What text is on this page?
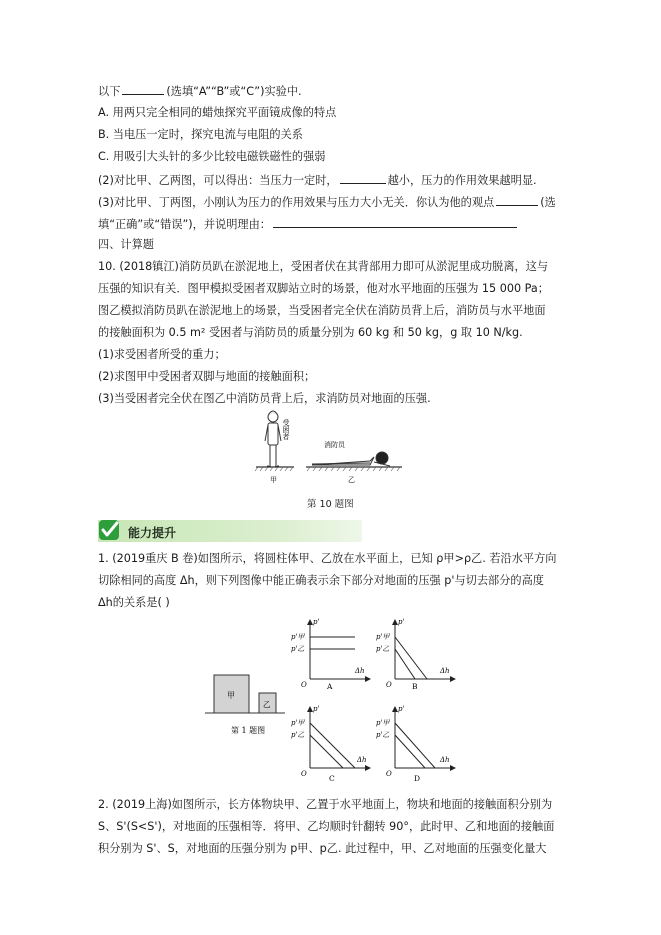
以下	(选填“A”“B”或“C”)实验中.
A. 用两只完全相同的蜡烛探究平面镜成像的特点
B. 当电压一定时，探究电流与电阻的关系
C. 用吸引大头针的多少比较电磁铁磁性的强弱
(2)对比甲、乙两图，可以得出：当压力一定时，	越小，压力的作用效果越明显.
(3)对比甲、丁两图，小刚认为压力的作用效果与压力大小无关．你认为他的观点	(选
填“正确”或“错误”)，并说明理由：
四、计算题
10. (2018镇江)消防员趴在淤泥地上，受困者伏在其背部用力即可从淤泥里成功脱离，这与
压强的知识有关．图甲模拟受困者双脚站立时的场景，他对水平地面的压强为 15 000 Pa；
图乙模拟消防员趴在淤泥地上的场景，当受困者完全伏在消防员背上后，消防员与水平地面
的接触面积为 0.5 m² 受困者与消防员的质量分别为 60 kg 和 50 kg，g 取 10 N/kg.
(1)求受困者所受的重力；
(2)求图甲中受困者双脚与地面的接触面积；
(3)当受困者完全伏在图乙中消防员背上后，求消防员对地面的压强.
受困者
消防员
甲	乙
第 10 题图
能力提升
1. (2019重庆 B 卷)如图所示，将圆柱体甲、乙放在水平面上，已知 ρ甲>ρ乙. 若沿水平方向
切除相同的高度 Δh，则下列图像中能正确表示余下部分对地面的压强 p'与切去部分的高度
Δh的关系是( )
p'
p'甲
p'乙
Δh
O	A
p'
p'甲
p'乙
Δh
O	B
甲
乙
第 1 题图
p'
p'甲
p'乙
Δh
O	C
p'
p'甲
p'乙
Δh
O	D
2. (2019上海)如图所示，长方体物块甲、乙置于水平地面上，物块和地面的接触面积分别为
S、S'(S<S')，对地面的压强相等．将甲、乙均顺时针翻转 90°，此时甲、乙和地面的接触面
积分别为 S'、S，对地面的压强分别为 p甲、p乙. 此过程中，甲、乙对地面的压强变化量大
